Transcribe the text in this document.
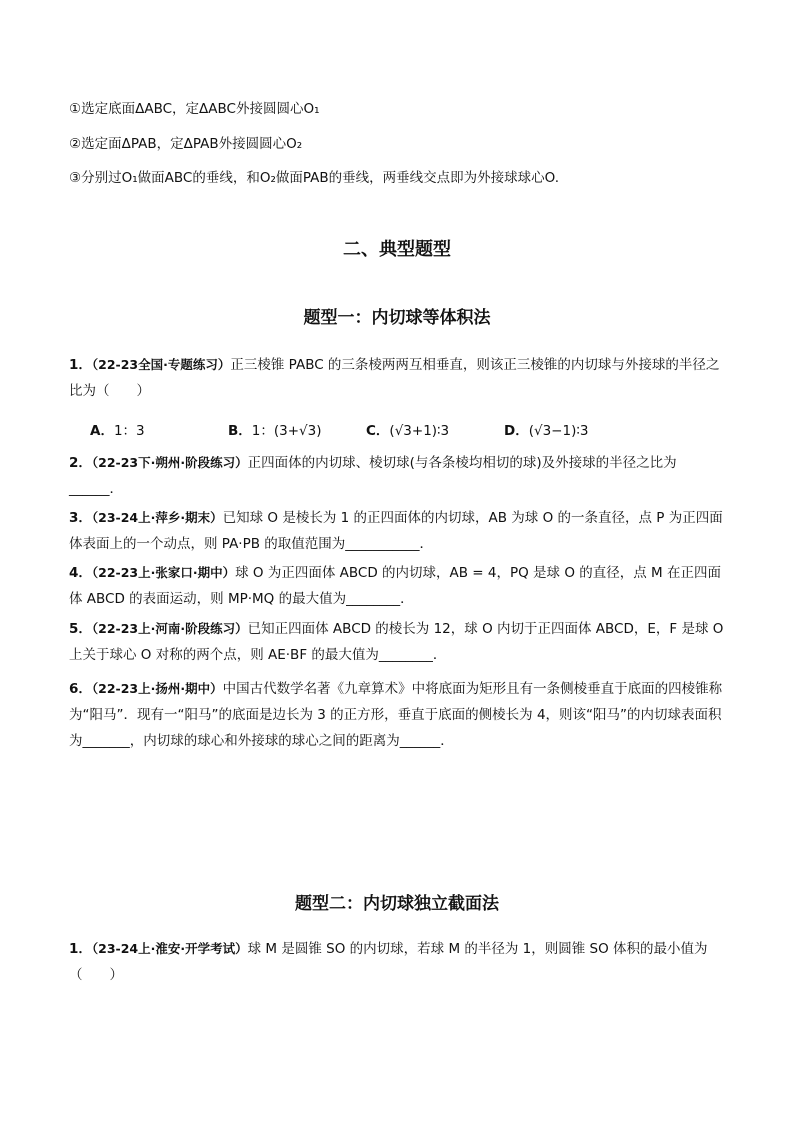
①选定底面ΔABC，定ΔABC外接圆圆心O₁
②选定面ΔPAB，定ΔPAB外接圆圆心O₂
③分别过O₁做面ABC的垂线，和O₂做面PAB的垂线，两垂线交点即为外接球球心O.
二、典型题型
题型一：内切球等体积法
1．（22-23全国·专题练习）正三棱锥 PABC 的三条棱两两互相垂直，则该正三棱锥的内切球与外接球的半径之比为（　　）
A．1：3	B．1：(3+√3)	C．(√3+1)∶3	D．(√3−1)∶3
2．（22-23下·朔州·阶段练习）正四面体的内切球、棱切球(与各条棱均相切的球)及外接球的半径之比为______．
3．（23-24上·萍乡·期末）已知球 O 是棱长为 1 的正四面体的内切球，AB 为球 O 的一条直径，点 P 为正四面体表面上的一个动点，则 PA·PB 的取值范围为___________．
4．（22-23上·张家口·期中）球 O 为正四面体 ABCD 的内切球，AB = 4，PQ 是球 O 的直径，点 M 在正四面体 ABCD 的表面运动，则 MP·MQ 的最大值为________．
5．（22-23上·河南·阶段练习）已知正四面体 ABCD 的棱长为 12，球 O 内切于正四面体 ABCD，E，F 是球 O 上关于球心 O 对称的两个点，则 AE·BF 的最大值为________．
6．（22-23上·扬州·期中）中国古代数学名著《九章算术》中将底面为矩形且有一条侧棱垂直于底面的四棱锥称为“阳马”．现有一“阳马”的底面是边长为 3 的正方形，垂直于底面的侧棱长为 4，则该“阳马”的内切球表面积为_______，内切球的球心和外接球的球心之间的距离为______．
题型二：内切球独立截面法
1．（23-24上·淮安·开学考试）球 M 是圆锥 SO 的内切球，若球 M 的半径为 1，则圆锥 SO 体积的最小值为（　　）
